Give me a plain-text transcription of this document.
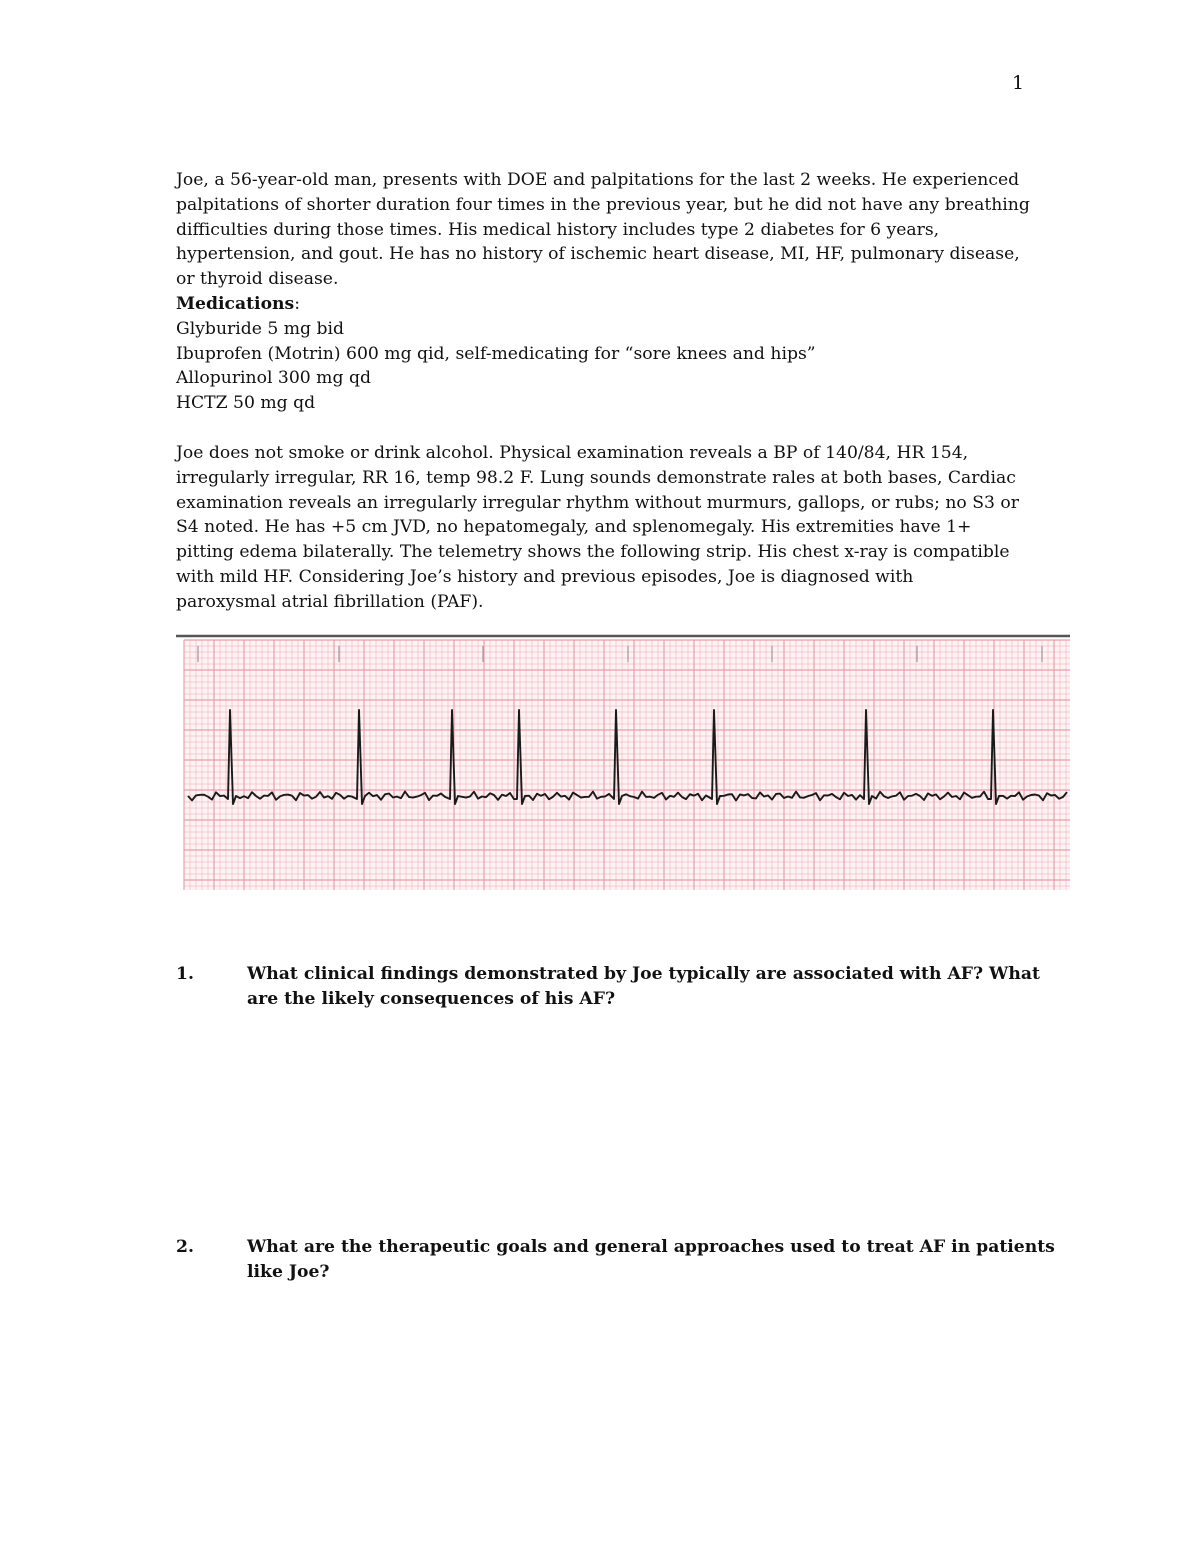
1
Joe, a 56-year-old man, presents with DOE and palpitations for the last 2 weeks. He experienced
palpitations of shorter duration four times in the previous year, but he did not have any breathing
difficulties during those times. His medical history includes type 2 diabetes for 6 years,
hypertension, and gout. He has no history of ischemic heart disease, MI, HF, pulmonary disease,
or thyroid disease.
Medications:
Glyburide 5 mg bid
Ibuprofen (Motrin) 600 mg qid, self-medicating for “sore knees and hips”
Allopurinol 300 mg qd
HCTZ 50 mg qd
Joe does not smoke or drink alcohol. Physical examination reveals a BP of 140/84, HR 154,
irregularly irregular, RR 16, temp 98.2 F. Lung sounds demonstrate rales at both bases, Cardiac
examination reveals an irregularly irregular rhythm without murmurs, gallops, or rubs; no S3 or
S4 noted. He has +5 cm JVD, no hepatomegaly, and splenomegaly. His extremities have 1+
pitting edema bilaterally. The telemetry shows the following strip. His chest x-ray is compatible
with mild HF. Considering Joe’s history and previous episodes, Joe is diagnosed with
paroxysmal atrial fibrillation (PAF).
1.	What clinical findings demonstrated by Joe typically are associated with AF? What
are the likely consequences of his AF?
2.	What are the therapeutic goals and general approaches used to treat AF in patients
like Joe?
